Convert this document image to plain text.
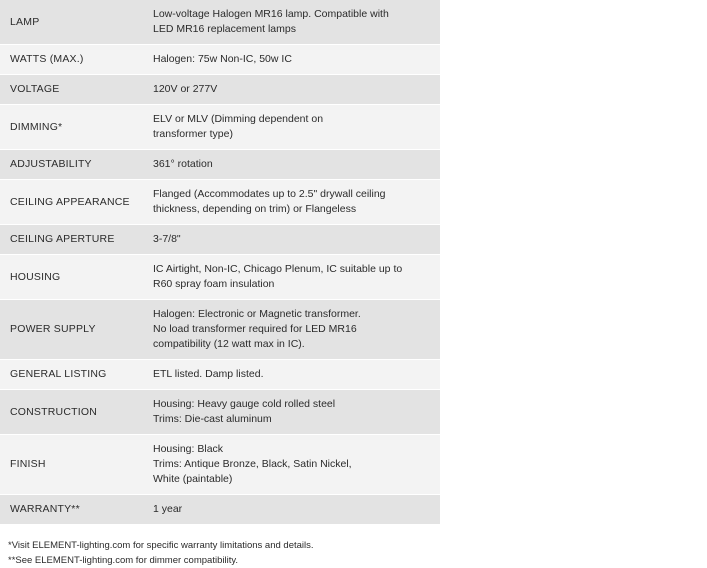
LAMP	Low-voltage Halogen MR16 lamp. Compatible with
LED MR16 replacement lamps

WATTS (MAX.)	Halogen: 75w Non-IC, 50w IC

VOLTAGE	120V or 277V

DIMMING*	ELV or MLV (Dimming dependent on
transformer type)

ADJUSTABILITY	361° rotation

CEILING APPEARANCE	Flanged (Accommodates up to 2.5" drywall ceiling
thickness, depending on trim) or Flangeless

CEILING APERTURE	3-7/8"

HOUSING	IC Airtight, Non-IC, Chicago Plenum, IC suitable up to
R60 spray foam insulation

POWER SUPPLY	Halogen: Electronic or Magnetic transformer.
No load transformer required for LED MR16
compatibility (12 watt max in IC).

GENERAL LISTING	ETL listed. Damp listed.

CONSTRUCTION	Housing: Heavy gauge cold rolled steel
Trims: Die-cast aluminum

FINISH	Housing: Black
Trims: Antique Bronze, Black, Satin Nickel,
White (paintable)

WARRANTY**	1 year
*Visit ELEMENT-lighting.com for specific warranty limitations and details.
**See ELEMENT-lighting.com for dimmer compatibility.
